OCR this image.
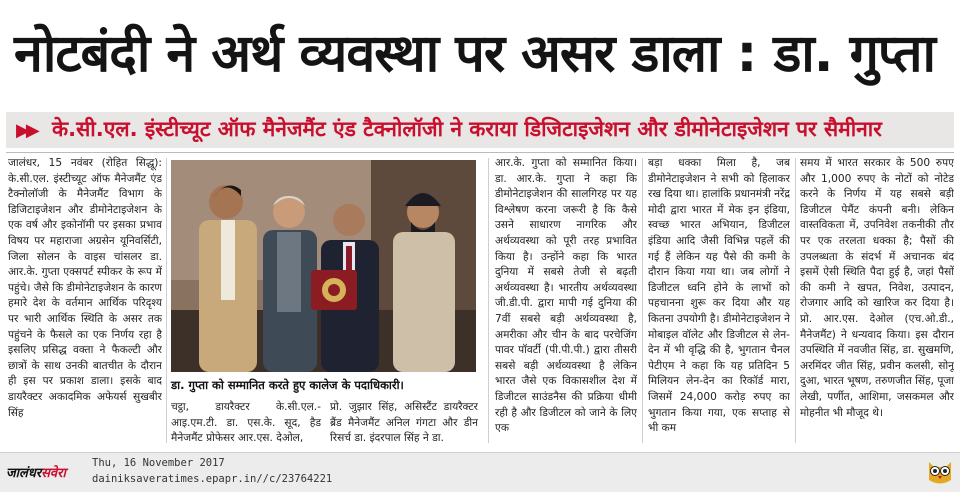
नोटबंदी ने अर्थ व्यवस्था पर असर डाला : डा. गुप्ता
▶▶ के.सी.एल. इंस्टीच्यूट ऑफ मैनेजमैंट एंड टैक्नोलॉजी ने कराया डिजिटाइजेशन और डीमोनेटाइजेशन पर सैमीनार

जालंधर, 15 नवंबर (रोहित सिद्धू): के.सी.एल. इंस्टीच्यूट ऑफ मैनेजमैंट एंड टैक्नोलॉजी के मैनेजमैंट विभाग के डिजिटाइजेशन और डीमोनेटाइजेशन के एक वर्ष और इकोनॉमी पर इसका प्रभाव विषय पर महाराजा अग्रसेन यूनिवर्सिटी, जिला सोलन के वाइस चांसलर डा. आर.के. गुप्ता एक्सपर्ट स्पीकर के रूप में पहुंचे। जैसे कि डीमोनेटाइजेशन के कारण हमारे देश के वर्तमान आर्थिक परिदृश्य पर भारी आर्थिक स्थिति के असर तक पहुंचने के फैसले का एक निर्णय रहा है इसलिए प्रसिद्ध वक्ता ने फैकल्टी और छात्रों के साथ उनकी बातचीत के दौरान ही इस पर प्रकाश डाला। इसके बाद डायरैक्टर अकादमिक अफेयर्स सुखबीर सिंह

डा. गुप्ता को सम्मानित करते हुए कालेज के पदाधिकारी।
चट्ठा, डायरैक्टर के.सी.एल.-आइ.एम.टी. डा. एस.के. सूद, हैड मैनेजमैंट प्रोफेसर आर.एस. देओल,
प्रो. जुझार सिंह, असिस्टैंट डायरैक्टर ब्रैंड मैनेजमैंट अनिल गंगटा और डीन रिसर्च डा. इंदरपाल सिंह ने डा.

आर.के. गुप्ता को सम्मानित किया। डा. आर.के. गुप्ता ने कहा कि डीमोनेटाइजेशन की सालगिरह पर यह विश्लेषण करना जरूरी है कि कैसे उसने साधारण नागरिक और अर्थव्यवस्था को पूरी तरह प्रभावित किया है। उन्होंने कहा कि भारत दुनिया में सबसे तेजी से बढ़ती अर्थव्यवस्था है। भारतीय अर्थव्यवस्था जी.डी.पी. द्वारा मापी गई दुनिया की 7वीं सबसे बड़ी अर्थव्यवस्था है, अमरीका और चीन के बाद परचेजिंग पावर पॉवर्टी (पी.पी.पी.) द्वारा तीसरी सबसे बड़ी अर्थव्यवस्था है लेकिन भारत जैसे एक विकासशील देश में डिजीटल साउंडनैस की प्रक्रिया धीमी रही है और डिजीटल को जाने के लिए एक

बड़ा धक्का मिला है, जब डीमोनेटाइजेशन ने सभी को हिलाकर रख दिया था। हालांकि प्रधानमंत्री नरेंद्र मोदी द्वारा भारत में मेक इन इंडिया, स्वच्छ भारत अभियान, डिजीटल इंडिया आदि जैसी विभिन्न पहलें की गई हैं लेकिन यह पैसे की कमी के दौरान किया गया था। जब लोगों ने डिजीटल ध्वनि होने के लाभों को पहचानना शुरू कर दिया और यह कितना उपयोगी है। डीमोनेटाइजेशन ने मोबाइल वॉलेट और डिजीटल से लेन-देन में भी वृद्धि की है, भुगतान चैनल पेटीएम ने कहा कि यह प्रतिदिन 5 मिलियन लेन-देन का रिकॉर्ड मारा, जिसमें 24,000 करोड़ रुपए का भुगतान किया गया, एक सप्ताह से भी कम

समय में भारत सरकार के 500 रुपए और 1,000 रुपए के नोटों को नोटेड करने के निर्णय में यह सबसे बड़ी डिजीटल पेमैंट कंपनी बनी। लेकिन वास्तविकता में, उपनिवेश तकनीकी तौर पर एक तरलता धक्का है; पैसों की उपलब्धता के संदर्भ में अचानक बंद इसमें ऐसी स्थिति पैदा हुई है, जहां पैसों की कमी ने खपत, निवेश, उत्पादन, रोजगार आदि को खारिज कर दिया है। प्रो. आर.एस. देओल (एच.ओ.डी., मैनेजमैंट) ने धन्यवाद किया। इस दौरान उपस्थिति में नवजीत सिंह, डा. सुखमणि, अरमिंदर जीत सिंह, प्रवीन कलसी, सोनू दुआ, भारत भूषण, तरुणजीत सिंह, पूजा लेखी, पर्णीत, आशिमा, जसकमल और मोहनीत भी मौजूद थे।

जालंधरसवेरा
Thu, 16 November 2017
dainiksaveratimes.epapr.in//c/23764221
